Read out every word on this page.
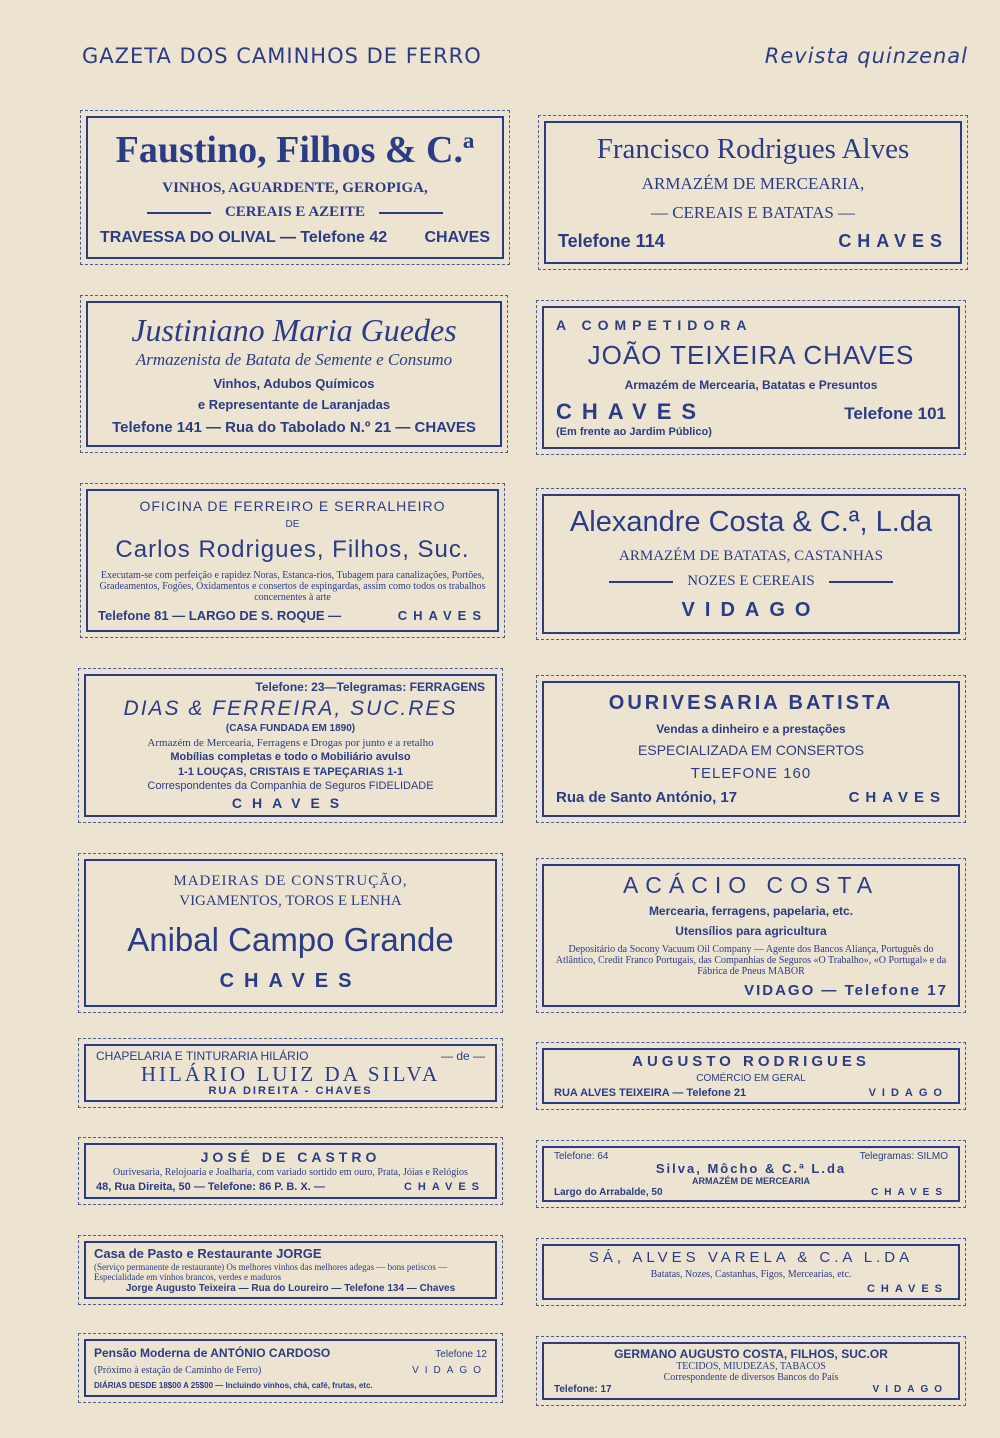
GAZETA DOS CAMINHOS DE FERRO	Revista quinzenal
Faustino, Filhos & C.ª
VINHOS, AGUARDENTE, GEROPIGA,
CEREAIS E AZEITE
TRAVESSA DO OLIVAL — Telefone 42 CHAVES
Francisco Rodrigues Alves
ARMAZÉM DE MERCEARIA,
— CEREAIS E BATATAS —
Telefone 114	CHAVES
Justiniano Maria Guedes
Armazenista de Batata de Semente e Consumo
Vinhos, Adubos Químicos
e Representante de Laranjadas
Telefone 141 — Rua do Tabolado N.º 21 — CHAVES
A COMPETIDORA
JOÃO TEIXEIRA CHAVES
Armazém de Mercearia, Batatas e Presuntos
CHAVES	Telefone 101
(Em frente ao Jardim Público)
OFICINA DE FERREIRO E SERRALHEIRO
DE
Carlos Rodrigues, Filhos, Suc.
Executam-se com perfeição e rapidez Noras, Estanca-rios, Tubagem para canalizações, Portões, Gradeamentos, Fogões, Oxidamentos e consertos de espingardas, assim como todos os trabalhos concernentes à arte
Telefone 81 — LARGO DE S. ROQUE —	CHAVES
Alexandre Costa & C.ª, L.da
ARMAZÉM DE BATATAS, CASTANHAS
NOZES E CEREAIS
VIDAGO
Telefone: 23—Telegramas: FERRAGENS
DIAS & FERREIRA, SUC.RES
(CASA FUNDADA EM 1890)
Armazém de Mercearia, Ferragens e Drogas por junto e a retalho
Mobílias completas e todo o Mobiliário avulso
1-1 LOUÇAS, CRISTAIS E TAPEÇARIAS 1-1
Correspondentes da Companhia de Seguros FIDELIDADE
CHAVES
OURIVESARIA BATISTA
Vendas a dinheiro e a prestações
ESPECIALIZADA EM CONSERTOS
TELEFONE 160
Rua de Santo António, 17	CHAVES
MADEIRAS DE CONSTRUÇÃO,
VIGAMENTOS, TOROS E LENHA
Anibal Campo Grande
CHAVES
ACÁCIO COSTA
Mercearia, ferragens, papelaria, etc.
Utensílios para agricultura
Depositário da Socony Vacuum Oil Company — Agente dos Bancos Aliança, Português do Atlântico, Credit Franco Portugais, das Companhias de Seguros «O Trabalho», «O Portugal» e da Fábrica de Pneus MABOR
VIDAGO — Telefone 17
CHAPELARIA E TINTURARIA HILÁRIO	— de —
HILÁRIO LUIZ DA SILVA
RUA DIREITA - CHAVES
AUGUSTO RODRIGUES
COMÉRCIO EM GERAL
RUA ALVES TEIXEIRA — Telefone 21	VIDAGO
JOSÉ DE CASTRO
Ourivesaria, Relojoaria e Joalharia, com variado sortido em ouro, Prata, Jóias e Relógios
48, Rua Direita, 50 — Telefone: 86 P. B. X. —	CHAVES
Telefone: 64	Telegramas: SILMO
Silva, Môcho & C.ª L.da
ARMAZÉM DE MERCEARIA
Largo do Arrabalde, 50	CHAVES
Casa de Pasto e Restaurante JORGE
(Serviço permanente de restaurante) Os melhores vinhos das melhores adegas — bons petiscos — Especialidade em vinhos brancos, verdes e maduros
Jorge Augusto Teixeira — Rua do Loureiro — Telefone 134 — Chaves
SÁ, ALVES VARELA & C.A L.DA
Batatas, Nozes, Castanhas, Figos, Mercearias, etc.
CHAVES
Pensão Moderna de ANTÓNIO CARDOSO	Telefone 12
(Próximo à estação de Caminho de Ferro)	VIDAGO
DIÁRIAS DESDE 18$00 A 25$00 — Incluindo vinhos, chá, café, frutas, etc.
GERMANO AUGUSTO COSTA, FILHOS, SUC.OR
TECIDOS, MIUDEZAS, TABACOS
Correspondente de diversos Bancos do País
Telefone: 17	VIDAGO
